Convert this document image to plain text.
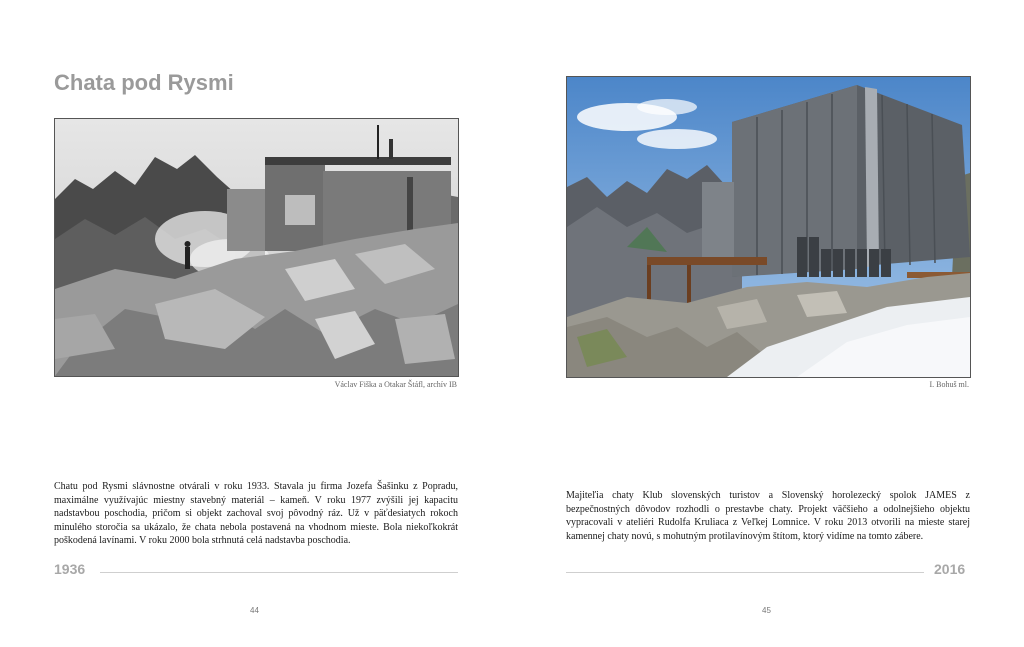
Chata pod Rysmi
Václav Fiška a Otakar Štáfl, archív IB

Chatu pod Rysmi slávnostne otvárali v roku 1933. Stavala ju firma Jozefa Šašinku z Popradu, maximálne využívajúc miestny stavebný materiál – kameň. V roku 1977 zvýšili jej kapacitu nadstavbou poschodia, pričom si objekt zachoval svoj pôvodný ráz. Už v päťdesiatych rokoch minulého storočia sa ukázalo, že chata nebola postavená na vhodnom mieste. Bola niekoľkokrát poškodená lavínami. V roku 2000 bola strhnutá celá nadstavba poschodia.

1936
44
I. Bohuš ml.

Majiteľia chaty Klub slovenských turistov a Slovenský horolezecký spolok JAMES z bezpečnostných dôvodov rozhodli o prestavbe chaty. Projekt väčšieho a odolnejšieho objektu vypracovali v ateliéri Rudolfa Kruliaca z Veľkej Lomnice. V roku 2013 otvorili na mieste starej kamennej chaty novú, s mohutným protilavínovým štítom, ktorý vidíme na tomto zábere.

2016
45
